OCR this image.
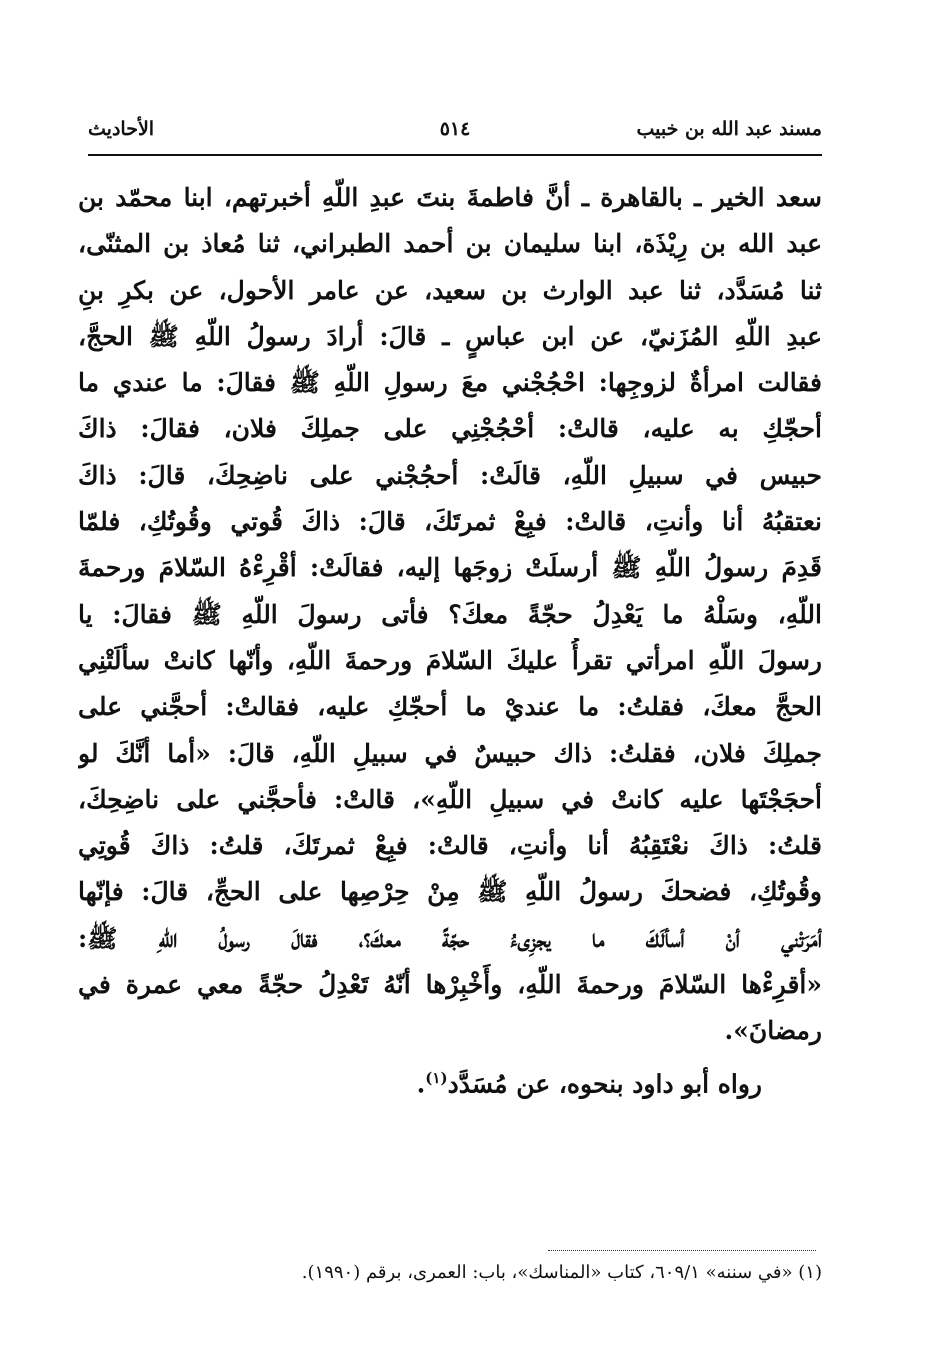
مسند عبد الله بن خبيب
٥١٤
الأحاديث
سعد الخير ـ بالقاهرة ـ أنَّ فاطمةَ بنتَ عبدِ اللّهِ أخبرتهم، ابنا محمّد بن
عبد الله بن رِيْذَة، ابنا سليمان بن أحمد الطبراني، ثنا مُعاذ بن المثنّى،
ثنا مُسَدَّد، ثنا عبد الوارث بن سعيد، عن عامر الأحول، عن بكرِ بنِ
عبدِ اللّهِ المُزَنيّ، عن ابن عباسٍ ـ قالَ: أرادَ رسولُ اللّهِ ﷺ الحجَّ،
فقالت امرأةٌ لزوجِها: احْجُجْني معَ رسولِ اللّهِ ﷺ فقالَ: ما عندي ما
أحجّكِ به عليه، قالتْ: أحْجُجْنِي على جملِكَ فلان، فقالَ: ذاكَ
حبيس في سبيلِ اللّهِ، قالَتْ: أحجُجْني على ناضِحِكَ، قالَ: ذاكَ
نعتقبُهُ أنا وأنتِ، قالتْ: فبِعْ ثمرتَكَ، قالَ: ذاكَ قُوتي وقُوتُكِ، فلمّا
قَدِمَ رسولُ اللّهِ ﷺ أرسلَتْ زوجَها إليه، فقالَتْ: أقْرِءْهُ السّلامَ ورحمةَ
اللّهِ، وسَلْهُ ما يَعْدِلُ حجّةً معكَ؟ فأتى رسولَ اللّهِ ﷺ فقالَ: يا
رسولَ اللّهِ امرأتي تقرأُ عليكَ السّلامَ ورحمةَ اللّهِ، وأنّها كانتْ سألَتْنِي
الحجَّ معكَ، فقلتُ: ما عنديْ ما أحجّكِ عليه، فقالتْ: أحجَّني على
جملِكَ فلان، فقلتُ: ذاك حبيسٌ في سبيلِ اللّهِ، قالَ: «أما أنَّكَ لو
أحجَجْتَها عليه كانتْ في سبيلِ اللّهِ»، قالتْ: فأحجَّني على ناضِحِكَ،
قلتُ: ذاكَ نعْتَقِبُهُ أنا وأنتِ، قالتْ: فبِعْ ثمرتَكَ، قلتُ: ذاكَ قُوتِي
وقُوتُكِ، فضحكَ رسولُ اللّهِ ﷺ مِنْ حِرْصِها على الحجِّ، قالَ: فإنّها
أمَرَتْني أنْ أسألَكَ ما يجزِىءُ حجّةً معكَ؟، فقالَ رسولُ اللّهِ ﷺ:
«أقرِءْها السّلامَ ورحمةَ اللّهِ، وأَخْبِرْها أنّهُ تَعْدِلُ حجّةً معي عمرة في
رمضانَ».
رواه أبو داود بنحوه، عن مُسَدَّد$^{(١)}$.
(١) «في سننه» ٦٠٩/١، كتاب «المناسك»، باب: العمرى، برقم (١٩٩٠).
